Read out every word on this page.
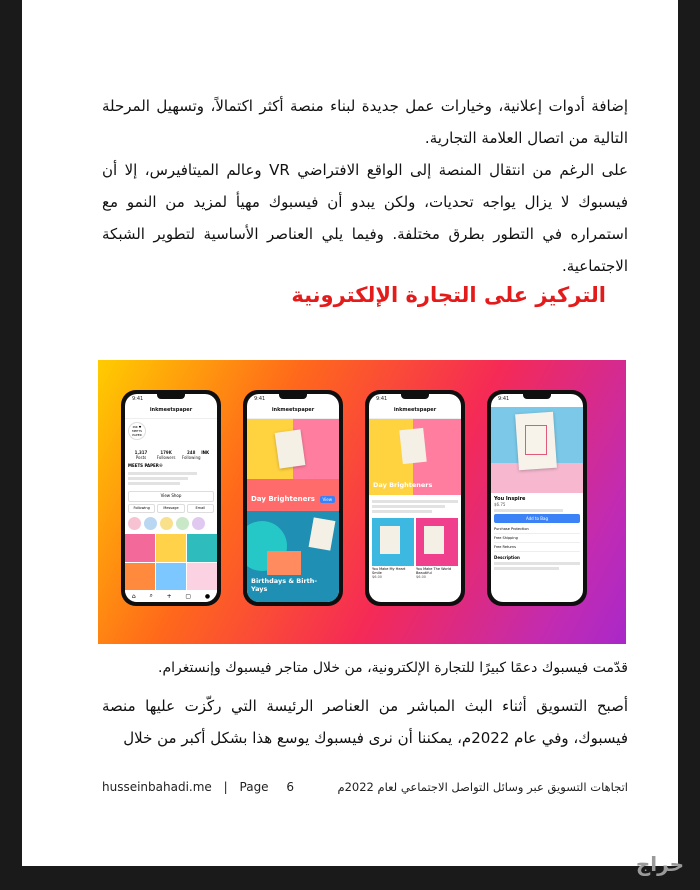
إضافة أدوات إعلانية، وخيارات عمل جديدة لبناء منصة أكثر اكتمالاً، وتسهيل المرحلة التالية من اتصال العلامة التجارية.

على الرغم من انتقال المنصة إلى الواقع الافتراضي VR وعالم الميتافيرس، إلا أن فيسبوك لا يزال يواجه تحديات، ولكن يبدو أن فيسبوك مهيأ لمزيد من النمو مع استمراره في التطور بطرق مختلفة. وفيما يلي العناصر الأساسية لتطوير الشبكة الاجتماعية.

التركيز على التجارة الإلكترونية
9:41
inkmeetspaper
INK ♥ MEETS PAPER
1,317
Posts 179K
Followers 248
Following
INK MEETS PAPER®
View Shop
Following	Message	Email
⌂ ⌕ + ▢ ●
9:41
inkmeetspaper
Day Brighteners	View
Birthdays & Birth-Yays
9:41
inkmeetspaper
Day Brighteners
You Make My Heart Smile
$6.00
You Make The World Beautiful
$6.00
9:41
You Inspire
$6.75
Add to Bag
Purchase Protection
Free Shipping
Free Returns
Description
قدّمت فيسبوك دعمًا كبيرًا للتجارة الإلكترونية، من خلال متاجر فيسبوك وإنستغرام.

أصبح التسويق أثناء البث المباشر من العناصر الرئيسة التي ركّزت عليها منصة فيسبوك، وفي عام 2022م، يمكننا أن نرى فيسبوك يوسع هذا بشكل أكبر من خلال

husseinbahadi.me | Page 6	اتجاهات التسويق عبر وسائل التواصل الاجتماعي لعام 2022م
حراج
